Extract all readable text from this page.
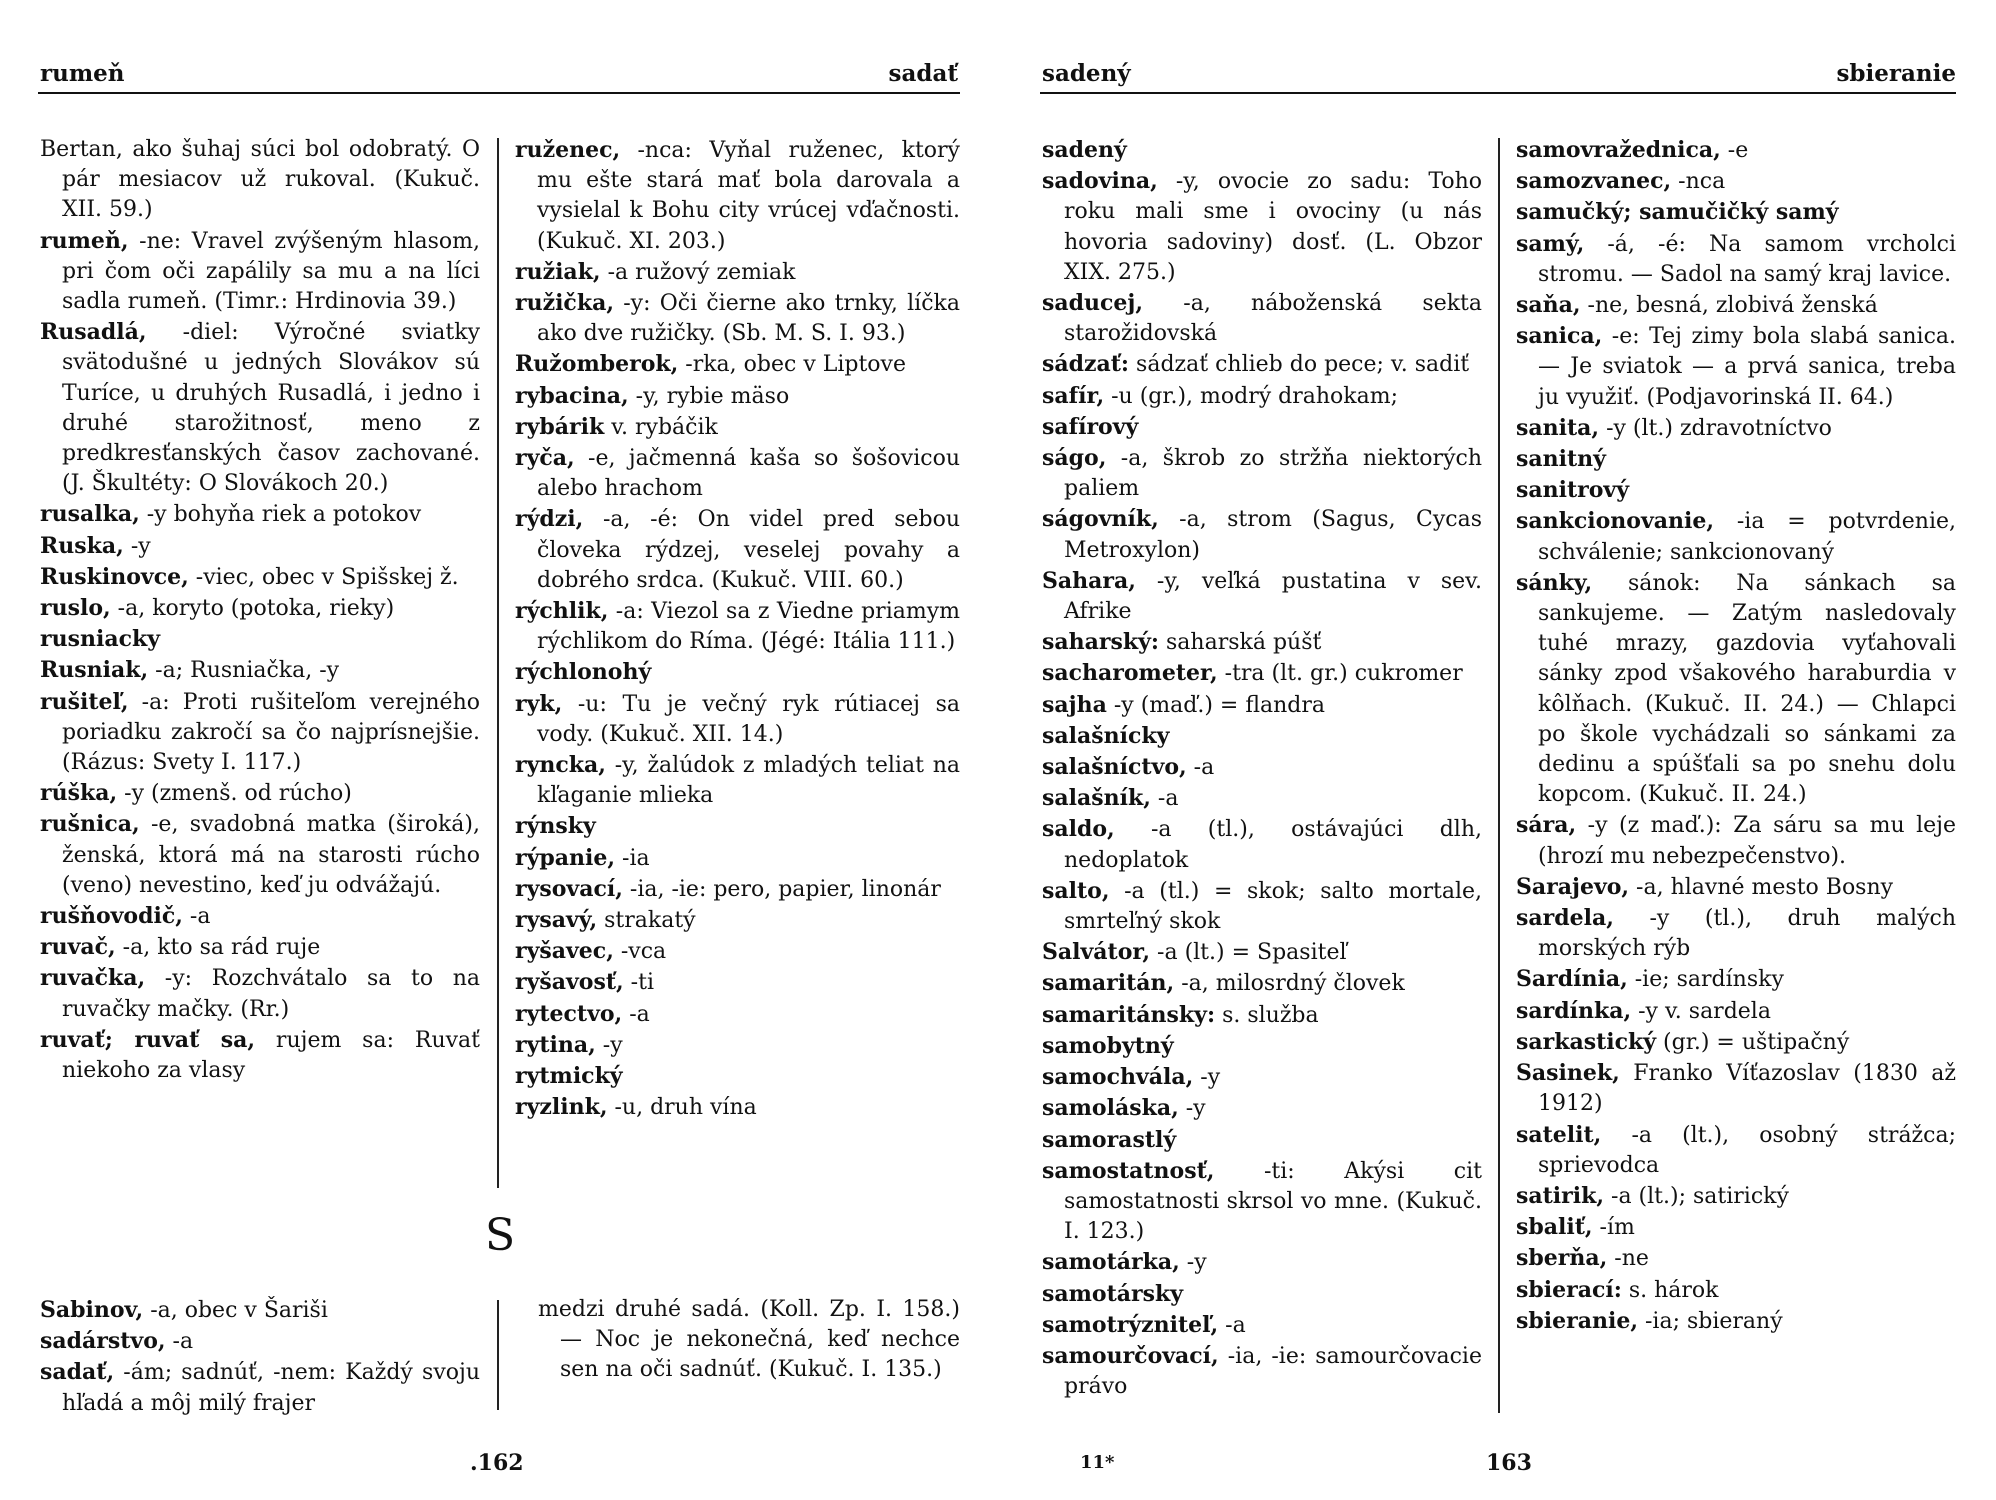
rumeň	sadať

Bertan, ako šuhaj súci bol odobratý. O pár mesiacov už rukoval. (Kukuč. XII. 59.)

rumeň, -ne: Vravel zvýšeným hlasom, pri čom oči zapálily sa mu a na líci sadla rumeň. (Timr.: Hrdinovia 39.)

Rusadlá, -diel: Výročné sviatky svätodušné u jedných Slovákov sú Turíce, u druhých Rusadlá, i jedno i druhé starožitnosť, meno z predkresťanských časov zachované. (J. Škultéty: O Slovákoch 20.)

rusalka, -y bohyňa riek a potokov

Ruska, -y

Ruskinovce, -viec, obec v Spišskej ž.

ruslo, -a, koryto (potoka, rieky)

rusniacky

Rusniak, -a; Rusniačka, -y

rušiteľ, -a: Proti rušiteľom verejného poriadku zakročí sa čo najprísnejšie. (Rázus: Svety I. 117.)

rúška, -y (zmenš. od rúcho)

rušnica, -e, svadobná matka (široká), ženská, ktorá má na starosti rúcho (veno) nevestino, keď ju odvážajú.

rušňovodič, -a

ruvač, -a, kto sa rád ruje

ruvačka, -y: Rozchvátalo sa to na ruvačky mačky. (Rr.)

ruvať; ruvať sa, rujem sa: Ruvať niekoho za vlasy

ruženec, -nca: Vyňal ruženec, ktorý mu ešte stará mať bola darovala a vysielal k Bohu city vrúcej vďačnosti. (Kukuč. XI. 203.)

ružiak, -a ružový zemiak

ružička, -y: Oči čierne ako trnky, líčka ako dve ružičky. (Sb. M. S. I. 93.)

Ružomberok, -rka, obec v Liptove

rybacina, -y, rybie mäso

rybárik v. rybáčik

ryča, -e, jačmenná kaša so šošovicou alebo hrachom

rýdzi, -a, -é: On videl pred sebou človeka rýdzej, veselej povahy a dobrého srdca. (Kukuč. VIII. 60.)

rýchlik, -a: Viezol sa z Viedne priamym rýchlikom do Ríma. (Jégé: Itália 111.)

rýchlonohý

ryk, -u: Tu je večný ryk rútiacej sa vody. (Kukuč. XII. 14.)

ryncka, -y, žalúdok z mladých teliat na kľaganie mlieka

rýnsky

rýpanie, -ia

rysovací, -ia, -ie: pero, papier, linonár

rysavý, strakatý

ryšavec, -vca

ryšavosť, -ti

rytectvo, -a

rytina, -y

rytmický

ryzlink, -u, druh vína

S

Sabinov, -a, obec v Šariši

sadárstvo, -a

sadať, -ám; sadnúť, -nem: Každý svoju hľadá a môj milý frajer

medzi druhé sadá. (Koll. Zp. I. 158.) — Noc je nekonečná, keď nechce sen na oči sadnúť. (Kukuč. I. 135.)

.162
sadený	sbieranie

sadený

sadovina, -y, ovocie zo sadu: Toho roku mali sme i ovociny (u nás hovoria sadoviny) dosť. (L. Obzor XIX. 275.)

saducej, -a, náboženská sekta starožidovská

sádzať: sádzať chlieb do pece; v. sadiť

safír, -u (gr.), modrý drahokam;

safírový

ságo, -a, škrob zo stržňa niektorých paliem

ságovník, -a, strom (Sagus, Cycas Metroxylon)

Sahara, -y, veľká pustatina v sev. Afrike

saharský: saharská púšť

sacharometer, -tra (lt. gr.) cukromer

sajha -y (maď.) = flandra

salašnícky

salašníctvo, -a

salašník, -a

saldo, -a (tl.), ostávajúci dlh, nedoplatok

salto, -a (tl.) = skok; salto mortale, smrteľný skok

Salvátor, -a (lt.) = Spasiteľ

samaritán, -a, milosrdný človek

samaritánsky: s. služba

samobytný

samochvála, -y

samoláska, -y

samorastlý

samostatnosť, -ti: Akýsi cit samostatnosti skrsol vo mne. (Kukuč. I. 123.)

samotárka, -y

samotársky

samotrýzniteľ, -a

samourčovací, -ia, -ie: samourčovacie právo

samovražednica, -e

samozvanec, -nca

samučký; samučičký samý

samý, -á, -é: Na samom vrcholci stromu. — Sadol na samý kraj lavice.

saňa, -ne, besná, zlobivá ženská

sanica, -e: Tej zimy bola slabá sanica. — Je sviatok — a prvá sanica, treba ju využiť. (Podjavorinská II. 64.)

sanita, -y (lt.) zdravotníctvo

sanitný

sanitrový

sankcionovanie, -ia = potvrdenie, schválenie; sankcionovaný

sánky, sánok: Na sánkach sa sankujeme. — Zatým nasledovaly tuhé mrazy, gazdovia vyťahovali sánky zpod všakového haraburdia v kôlňach. (Kukuč. II. 24.) — Chlapci po škole vychádzali so sánkami za dedinu a spúšťali sa po snehu dolu kopcom. (Kukuč. II. 24.)

sára, -y (z maď.): Za sáru sa mu leje (hrozí mu nebezpečenstvo).

Sarajevo, -a, hlavné mesto Bosny

sardela, -y (tl.), druh malých morských rýb

Sardínia, -ie; sardínsky

sardínka, -y v. sardela

sarkastický (gr.) = uštipačný

Sasinek, Franko Víťazoslav (1830 až 1912)

satelit, -a (lt.), osobný strážca; sprievodca

satirik, -a (lt.); satirický

sbaliť, -ím

sberňa, -ne

sbierací: s. hárok

sbieranie, -ia; sbieraný

11*	163
